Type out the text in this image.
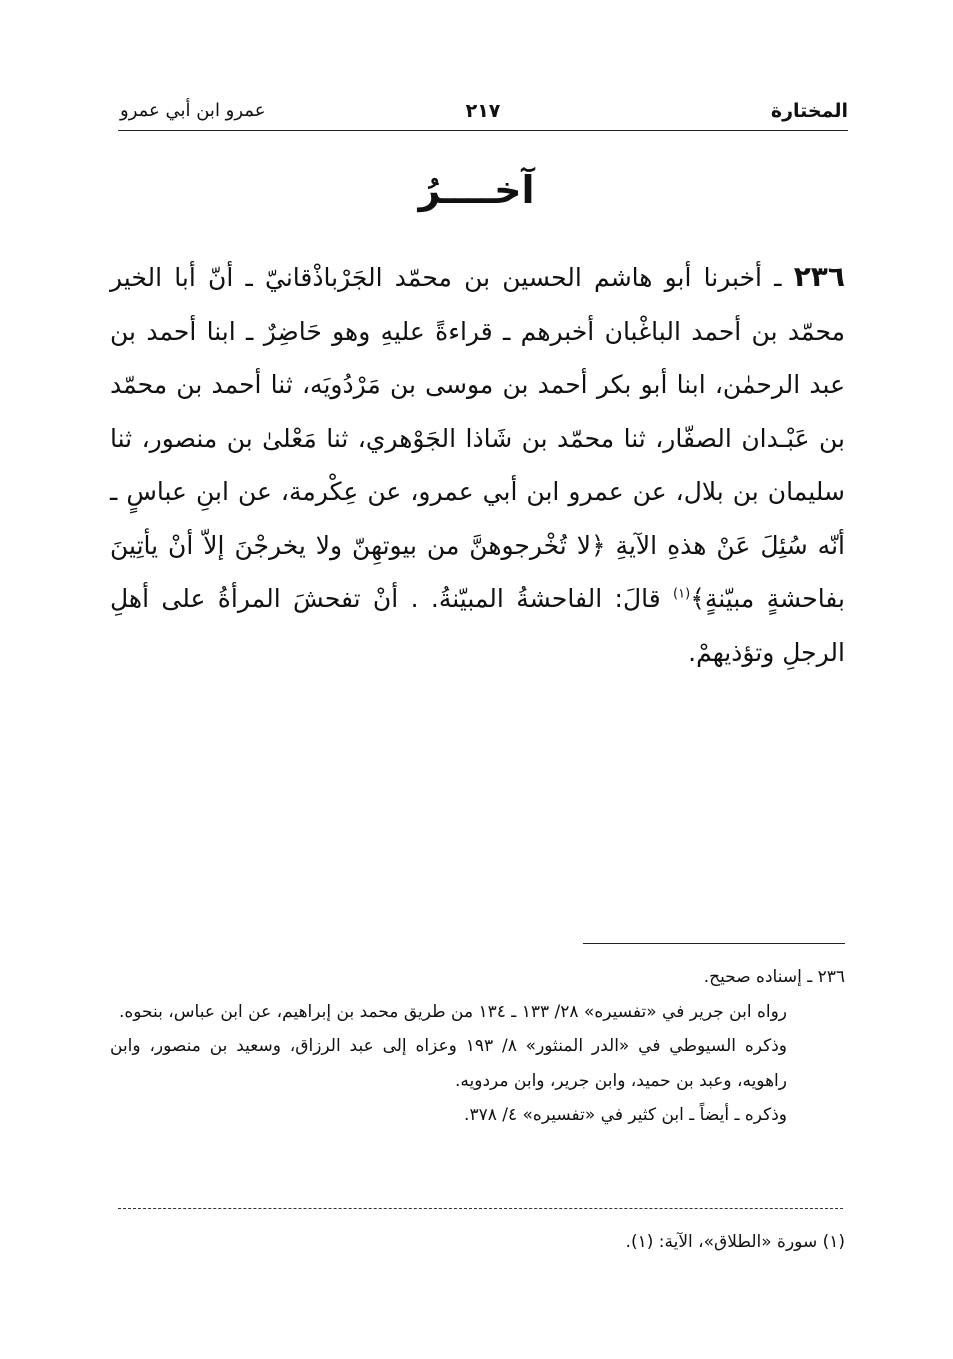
المختارة
٢١٧
عمرو ابن أبي عمرو
آخــــرُ
٢٣٦ ـ أخبرنا أبو هاشم الحسين بن محمّد الجَرْباذْقانيّ ـ أنّ أبا الخير محمّد بن أحمد الباغْبان أخبرهم ـ قراءةً عليهِ وهو حَاضِرٌ ـ ابنا أحمد بن عبد الرحمٰن، ابنا أبو بكر أحمد بن موسى بن مَرْدُويَه، ثنا أحمد بن محمّد بن عَبْـدان الصفّار، ثنا محمّد بن شَاذا الجَوْهري، ثنا مَعْلىٰ بن منصور، ثنا سليمان بن بلال، عن عمرو ابن أبي عمرو، عن عِكْرمة، عن ابنِ عباسٍ ـ أنّه سُئِلَ عَنْ هذهِ الآيةِ ﴿لا تُخْرجوهنَّ من بيوتهِنّ ولا يخرجْنَ إلاّ أنْ يأتِينَ بفاحشةٍ مبيّنةٍ﴾$^{(١)}$ قالَ: الفاحشةُ المبيّنةُ. . أنْ تفحشَ المرأةُ على أهلِ الرجلِ وتؤذيهمْ.

٢٣٦ ـ إسناده صحيح.

رواه ابن جرير في «تفسيره» ٢٨/ ١٣٣ ـ ١٣٤ من طريق محمد بن إبراهيم، عن ابن عباس، بنحوه.

وذكره السيوطي في «الدر المنثور» ٨/ ١٩٣ وعزاه إلى عبد الرزاق، وسعيد بن منصور، وابن راهويه، وعبد بن حميد، وابن جرير، وابن مردويه.

وذكره ـ أيضاً ـ ابن كثير في «تفسيره» ٤/ ٣٧٨.

(١) سورة «الطلاق»، الآية: (١).
